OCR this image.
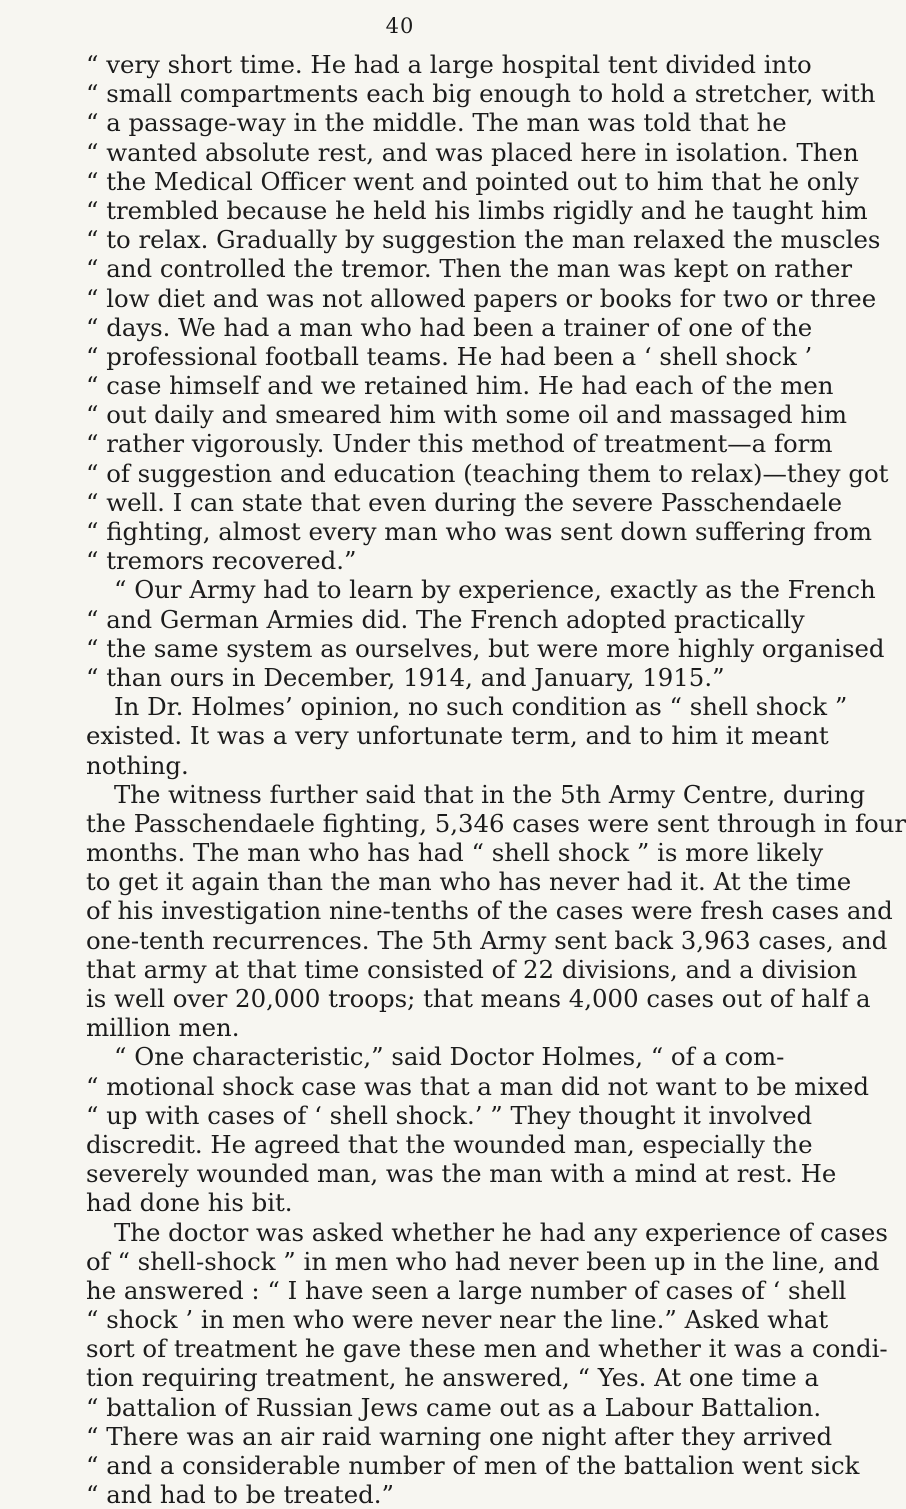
40
“ very short time. He had a large hospital tent divided into
“ small compartments each big enough to hold a stretcher, with
“ a passage-way in the middle. The man was told that he
“ wanted absolute rest, and was placed here in isolation. Then
“ the Medical Officer went and pointed out to him that he only
“ trembled because he held his limbs rigidly and he taught him
“ to relax. Gradually by suggestion the man relaxed the muscles
“ and controlled the tremor. Then the man was kept on rather
“ low diet and was not allowed papers or books for two or three
“ days. We had a man who had been a trainer of one of the
“ professional football teams. He had been a ‘ shell shock ’
“ case himself and we retained him. He had each of the men
“ out daily and smeared him with some oil and massaged him
“ rather vigorously. Under this method of treatment—a form
“ of suggestion and education (teaching them to relax)—they got
“ well. I can state that even during the severe Passchendaele
“ fighting, almost every man who was sent down suffering from
“ tremors recovered.”
“ Our Army had to learn by experience, exactly as the French
“ and German Armies did. The French adopted practically
“ the same system as ourselves, but were more highly organised
“ than ours in December, 1914, and January, 1915.”
In Dr. Holmes’ opinion, no such condition as “ shell shock ”
existed. It was a very unfortunate term, and to him it meant
nothing.
The witness further said that in the 5th Army Centre, during
the Passchendaele fighting, 5,346 cases were sent through in four
months. The man who has had “ shell shock ” is more likely
to get it again than the man who has never had it. At the time
of his investigation nine-tenths of the cases were fresh cases and
one-tenth recurrences. The 5th Army sent back 3,963 cases, and
that army at that time consisted of 22 divisions, and a division
is well over 20,000 troops; that means 4,000 cases out of half a
million men.
“ One characteristic,” said Doctor Holmes, “ of a com-
“ motional shock case was that a man did not want to be mixed
“ up with cases of ‘ shell shock.’ ” They thought it involved
discredit. He agreed that the wounded man, especially the
severely wounded man, was the man with a mind at rest. He
had done his bit.
The doctor was asked whether he had any experience of cases
of “ shell-shock ” in men who had never been up in the line, and
he answered : “ I have seen a large number of cases of ‘ shell
“ shock ’ in men who were never near the line.” Asked what
sort of treatment he gave these men and whether it was a condi-
tion requiring treatment, he answered, “ Yes. At one time a
“ battalion of Russian Jews came out as a Labour Battalion.
“ There was an air raid warning one night after they arrived
“ and a considerable number of men of the battalion went sick
“ and had to be treated.”
